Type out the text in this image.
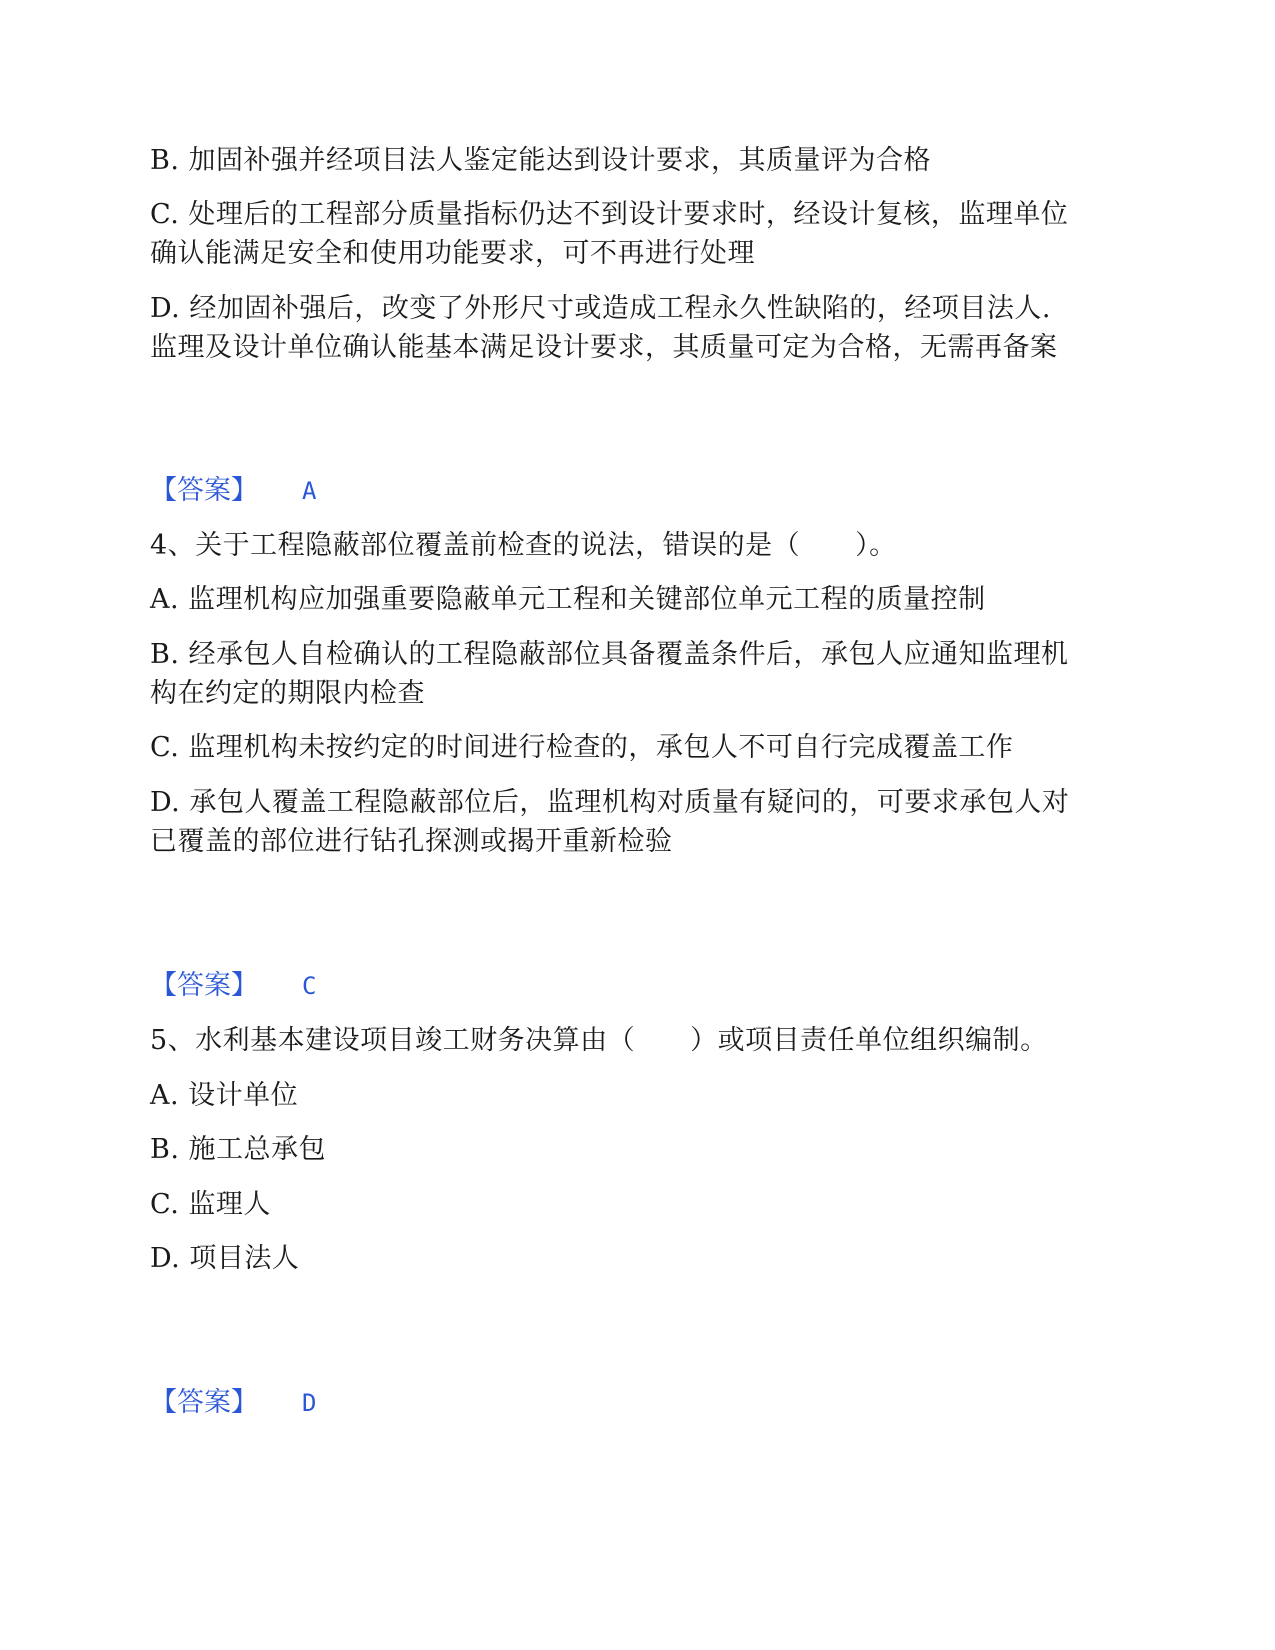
B. 加固补强并经项目法人鉴定能达到设计要求，其质量评为合格
C. 处理后的工程部分质量指标仍达不到设计要求时，经设计复核，监理单位
确认能满足安全和使用功能要求，可不再进行处理
D. 经加固补强后，改变了外形尺寸或造成工程永久性缺陷的，经项目法人.
监理及设计单位确认能基本满足设计要求，其质量可定为合格，无需再备案
【答案】 A
4、关于工程隐蔽部位覆盖前检查的说法，错误的是（　　）。
A. 监理机构应加强重要隐蔽单元工程和关键部位单元工程的质量控制
B. 经承包人自检确认的工程隐蔽部位具备覆盖条件后，承包人应通知监理机
构在约定的期限内检查
C. 监理机构未按约定的时间进行检查的，承包人不可自行完成覆盖工作
D. 承包人覆盖工程隐蔽部位后，监理机构对质量有疑问的，可要求承包人对
已覆盖的部位进行钻孔探测或揭开重新检验
【答案】 C
5、水利基本建设项目竣工财务决算由（　　）或项目责任单位组织编制。
A. 设计单位
B. 施工总承包
C. 监理人
D. 项目法人
【答案】 D
